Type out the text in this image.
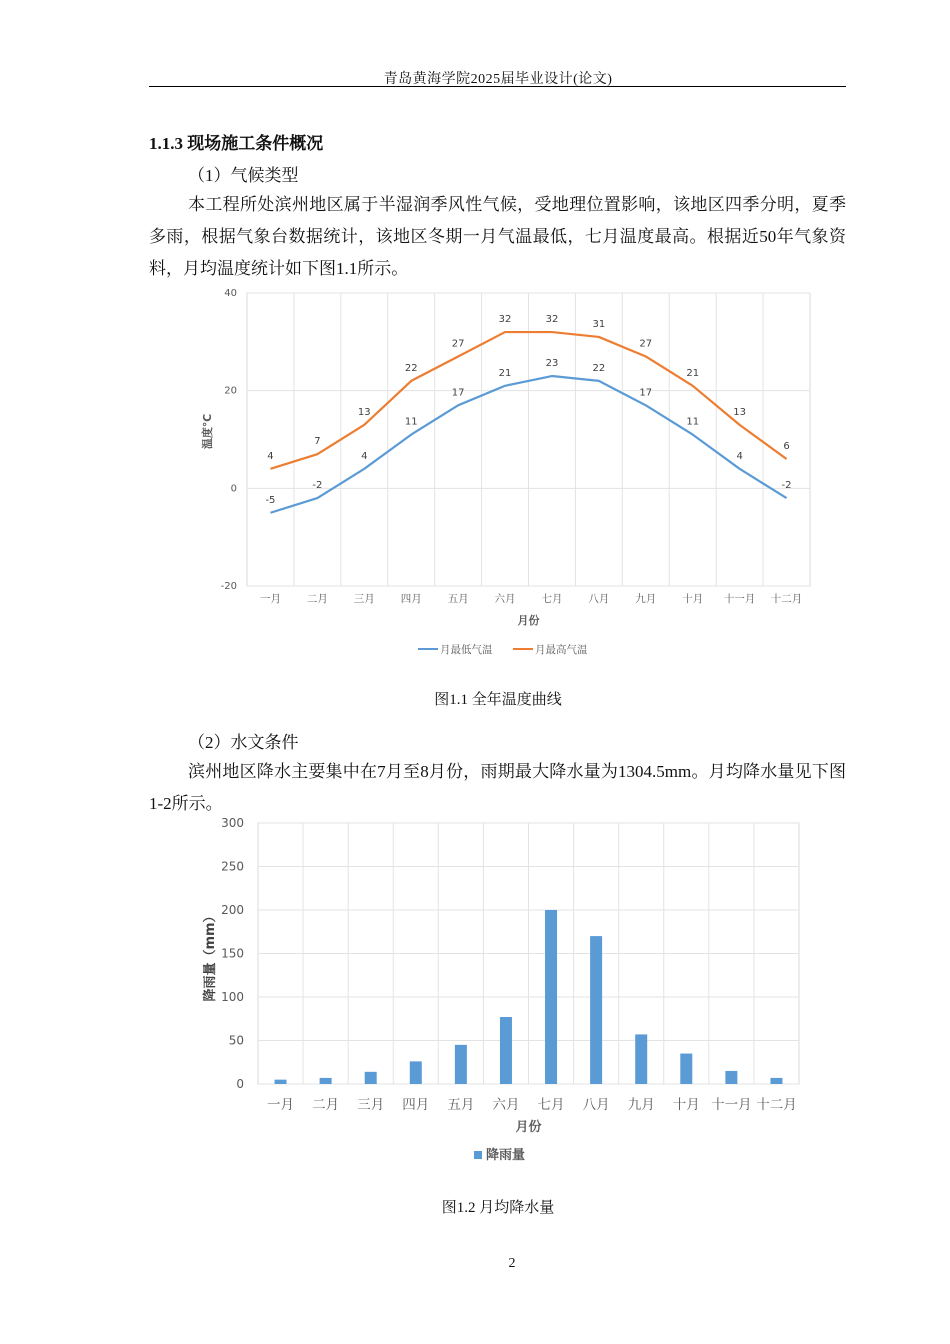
青岛黄海学院2025届毕业设计(论文)
1.1.3 现场施工条件概况
（1）气候类型
本工程所处滨州地区属于半湿润季风性气候，受地理位置影响，该地区四季分明，夏季多雨，根据气象台数据统计，该地区冬期一月气温最低，七月温度最高。根据近50年气象资料，月均温度统计如下图1.1所示。
-20
0
20
40
一月 二月 三月 四月 五月 六月 七月 八月 九月 十月 十一月 十二月
月份
温度℃
-5
-2
4
11
17
21
23	22
17
11
4
-2
4
7
13
22
27
32	32	31
27
21
13
6
月最低气温	月最高气温
图1.1 全年温度曲线
（2）水文条件
滨州地区降水主要集中在7月至8月份，雨期最大降水量为1304.5mm。月均降水量见下图1-2所示。
0
50
100
150
200
250
300
一月 二月 三月 四月 五月 六月 七月 八月 九月 十月 十一月 十二月
月份
降雨量（mm）
降雨量
图1.2 月均降水量
2
